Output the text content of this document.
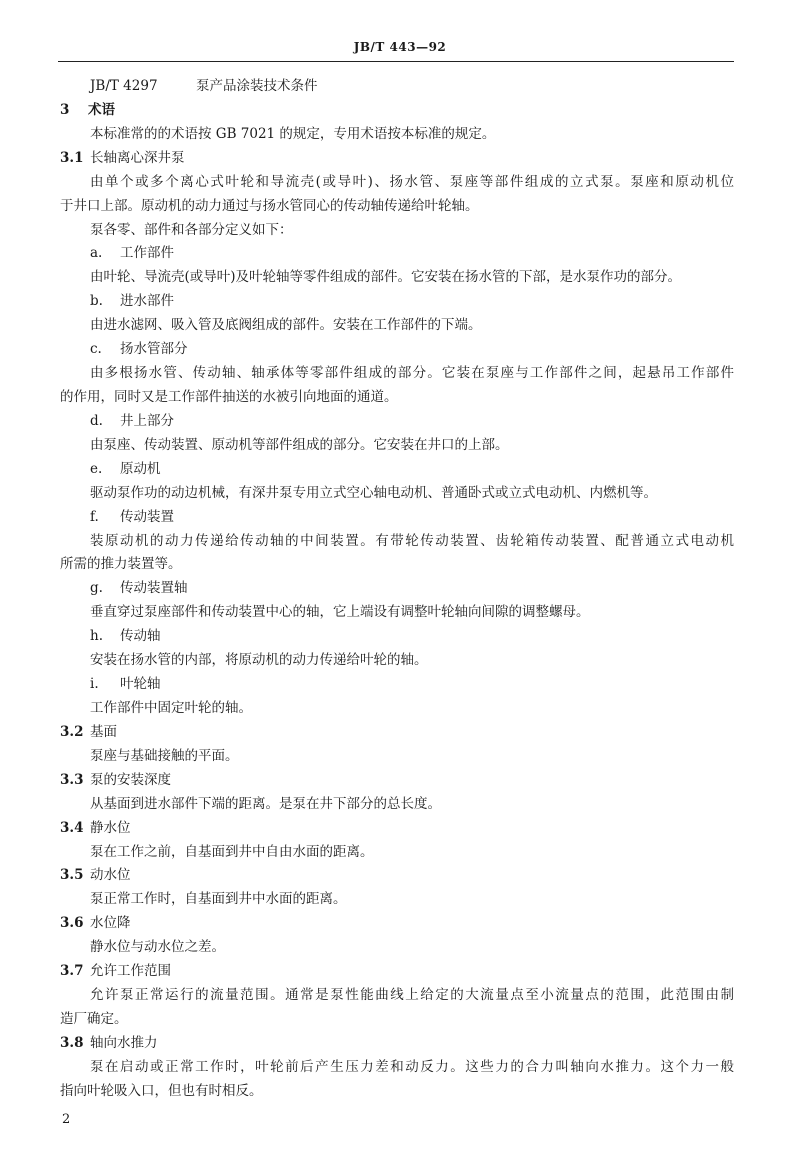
JB/T 443—92
JB/T 4297	泵产品涂装技术条件
3 术语
本标准常的的术语按 GB 7021 的规定，专用术语按本标准的规定。
3.1 长轴离心深井泵
由单个或多个离心式叶轮和导流壳(或导叶)、扬水管、泵座等部件组成的立式泵。泵座和原动机位
于井口上部。原动机的动力通过与扬水管同心的传动轴传递给叶轮轴。
泵各零、部件和各部分定义如下：
a. 工作部件
由叶轮、导流壳(或导叶)及叶轮轴等零件组成的部件。它安装在扬水管的下部，是水泵作功的部分。
b. 进水部件
由进水滤网、吸入管及底阀组成的部件。安装在工作部件的下端。
c. 扬水管部分
由多根扬水管、传动轴、轴承体等零部件组成的部分。它装在泵座与工作部件之间，起悬吊工作部件
的作用，同时又是工作部件抽送的水被引向地面的通道。
d. 井上部分
由泵座、传动装置、原动机等部件组成的部分。它安装在井口的上部。
e. 原动机
驱动泵作功的动边机械，有深井泵专用立式空心轴电动机、普通卧式或立式电动机、内燃机等。
f. 传动装置
装原动机的动力传递给传动轴的中间装置。有带轮传动装置、齿轮箱传动装置、配普通立式电动机
所需的推力装置等。
g. 传动装置轴
垂直穿过泵座部件和传动装置中心的轴，它上端设有调整叶轮轴向间隙的调整螺母。
h. 传动轴
安装在扬水管的内部，将原动机的动力传递给叶轮的轴。
i. 叶轮轴
工作部件中固定叶轮的轴。
3.2 基面
泵座与基础接触的平面。
3.3 泵的安装深度
从基面到进水部件下端的距离。是泵在井下部分的总长度。
3.4 静水位
泵在工作之前，自基面到井中自由水面的距离。
3.5 动水位
泵正常工作时，自基面到井中水面的距离。
3.6 水位降
静水位与动水位之差。
3.7 允许工作范围
允许泵正常运行的流量范围。通常是泵性能曲线上给定的大流量点至小流量点的范围，此范围由制
造厂确定。
3.8 轴向水推力
泵在启动或正常工作时，叶轮前后产生压力差和动反力。这些力的合力叫轴向水推力。这个力一般
指向叶轮吸入口，但也有时相反。
2
